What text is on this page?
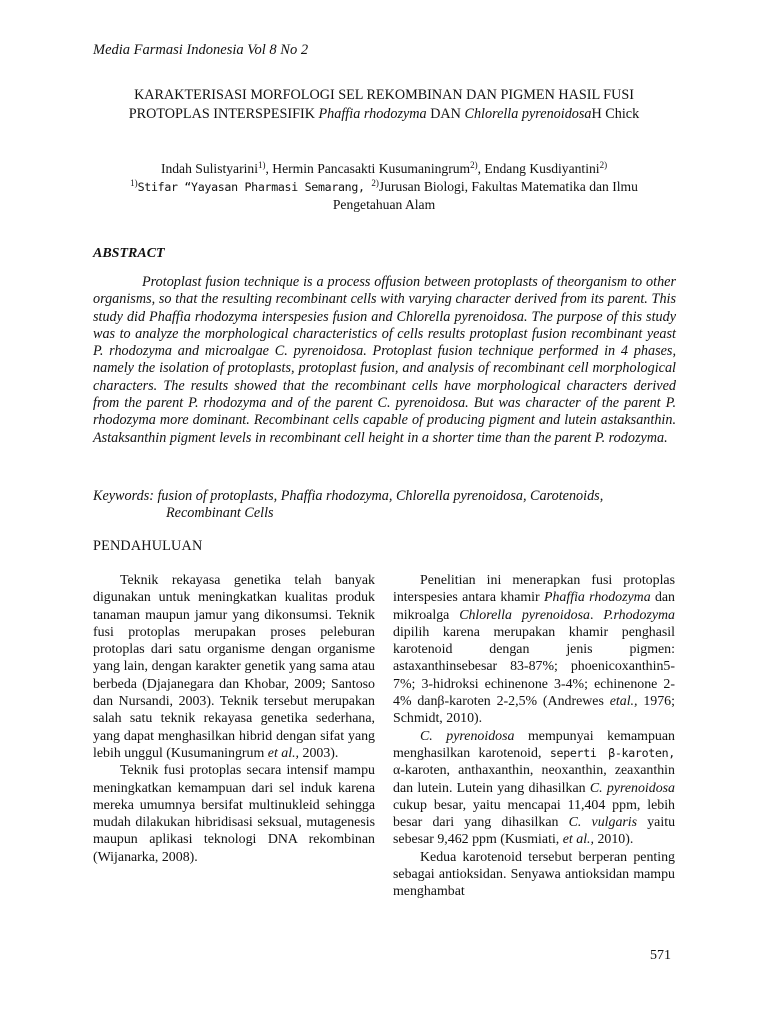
Media Farmasi Indonesia Vol 8 No 2
KARAKTERISASI MORFOLOGI SEL REKOMBINAN DAN PIGMEN HASIL FUSI
PROTOPLAS INTERSPESIFIK Phaffia rhodozyma DAN Chlorella pyrenoidosaH Chick
Indah Sulistyarini$^{1)}$, Hermin Pancasakti Kusumaningrum$^{2)}$, Endang Kusdiyantini$^{2)}$
$^{1)}$Stifar “Yayasan Pharmasi Semarang, $^{2)}$Jurusan Biologi, Fakultas Matematika dan Ilmu
Pengetahuan Alam
ABSTRACT
Protoplast fusion technique is a process offusion between protoplasts of theorganism to other organisms, so that the resulting recombinant cells with varying character derived from its parent. This study did Phaffia rhodozyma interspesies fusion and Chlorella pyrenoidosa. The purpose of this study was to analyze the morphological characteristics of cells results protoplast fusion recombinant yeast P. rhodozyma and microalgae C. pyrenoidosa. Protoplast fusion technique performed in 4 phases, namely the isolation of protoplasts, protoplast fusion, and analysis of recombinant cell morphological characters. The results showed that the recombinant cells have morphological characters derived from the parent P. rhodozyma and of the parent C. pyrenoidosa. But was character of the parent P. rhodozyma more dominant. Recombinant cells capable of producing pigment and lutein astaksanthin. Astaksanthin pigment levels in recombinant cell height in a shorter time than the parent P. rodozyma.
Keywords: fusion of protoplasts, Phaffia rhodozyma, Chlorella pyrenoidosa, Carotenoids,
Recombinant Cells
PENDAHULUAN

Teknik rekayasa genetika telah banyak digunakan untuk meningkatkan kualitas produk tanaman maupun jamur yang dikonsumsi. Teknik fusi protoplas merupakan proses peleburan protoplas dari satu organisme dengan organisme yang lain, dengan karakter genetik yang sama atau berbeda (Djajanegara dan Khobar, 2009; Santoso dan Nursandi, 2003). Teknik tersebut merupakan salah satu teknik rekayasa genetika sederhana, yang dapat menghasilkan hibrid dengan sifat yang lebih unggul (Kusumaningrum et al., 2003).

Teknik fusi protoplas secara intensif mampu meningkatkan kemampuan dari sel induk karena mereka umumnya bersifat multinukleid sehingga mudah dilakukan hibridisasi seksual, mutagenesis maupun aplikasi teknologi DNA rekombinan (Wijanarka, 2008).

Penelitian ini menerapkan fusi protoplas interspesies antara khamir Phaffia rhodozyma dan mikroalga Chlorella pyrenoidosa. P.rhodozyma dipilih karena merupakan khamir penghasil karotenoid dengan jenis pigmen: astaxanthinsebesar 83-87%; phoenicoxanthin5-7%; 3-hidroksi echinenone 3-4%; echinenone 2-4% danβ-karoten 2-2,5% (Andrewes etal., 1976; Schmidt, 2010).

C. pyrenoidosa mempunyai kemampuan menghasilkan karotenoid, seperti β-karoten, α-karoten, anthaxanthin, neoxanthin, zeaxanthin dan lutein. Lutein yang dihasilkan C. pyrenoidosa cukup besar, yaitu mencapai 11,404 ppm, lebih besar dari yang dihasilkan C. vulgaris yaitu sebesar 9,462 ppm (Kusmiati, et al., 2010).

Kedua karotenoid tersebut berperan penting sebagai antioksidan. Senyawa antioksidan mampu menghambat

571
